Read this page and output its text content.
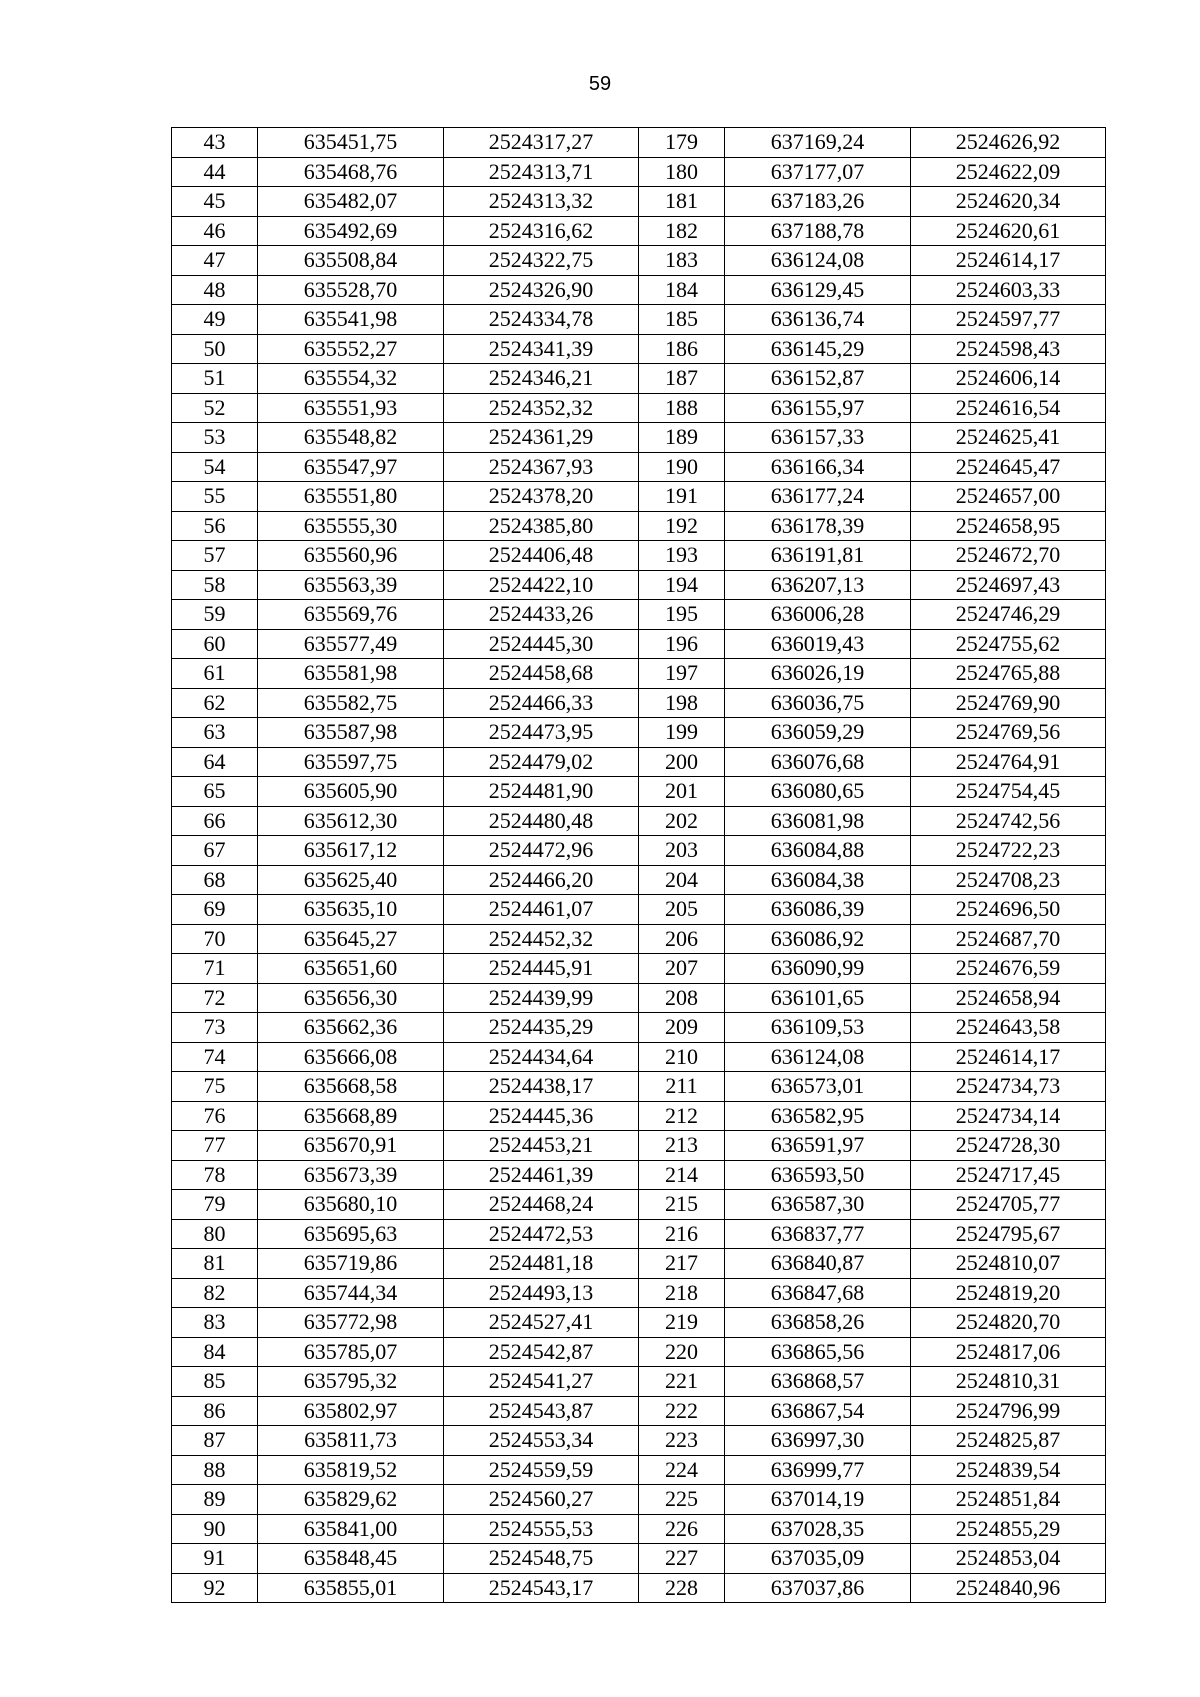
59
43	635451,75	2524317,27	179	637169,24	2524626,92
44	635468,76	2524313,71	180	637177,07	2524622,09
45	635482,07	2524313,32	181	637183,26	2524620,34
46	635492,69	2524316,62	182	637188,78	2524620,61
47	635508,84	2524322,75	183	636124,08	2524614,17
48	635528,70	2524326,90	184	636129,45	2524603,33
49	635541,98	2524334,78	185	636136,74	2524597,77
50	635552,27	2524341,39	186	636145,29	2524598,43
51	635554,32	2524346,21	187	636152,87	2524606,14
52	635551,93	2524352,32	188	636155,97	2524616,54
53	635548,82	2524361,29	189	636157,33	2524625,41
54	635547,97	2524367,93	190	636166,34	2524645,47
55	635551,80	2524378,20	191	636177,24	2524657,00
56	635555,30	2524385,80	192	636178,39	2524658,95
57	635560,96	2524406,48	193	636191,81	2524672,70
58	635563,39	2524422,10	194	636207,13	2524697,43
59	635569,76	2524433,26	195	636006,28	2524746,29
60	635577,49	2524445,30	196	636019,43	2524755,62
61	635581,98	2524458,68	197	636026,19	2524765,88
62	635582,75	2524466,33	198	636036,75	2524769,90
63	635587,98	2524473,95	199	636059,29	2524769,56
64	635597,75	2524479,02	200	636076,68	2524764,91
65	635605,90	2524481,90	201	636080,65	2524754,45
66	635612,30	2524480,48	202	636081,98	2524742,56
67	635617,12	2524472,96	203	636084,88	2524722,23
68	635625,40	2524466,20	204	636084,38	2524708,23
69	635635,10	2524461,07	205	636086,39	2524696,50
70	635645,27	2524452,32	206	636086,92	2524687,70
71	635651,60	2524445,91	207	636090,99	2524676,59
72	635656,30	2524439,99	208	636101,65	2524658,94
73	635662,36	2524435,29	209	636109,53	2524643,58
74	635666,08	2524434,64	210	636124,08	2524614,17
75	635668,58	2524438,17	211	636573,01	2524734,73
76	635668,89	2524445,36	212	636582,95	2524734,14
77	635670,91	2524453,21	213	636591,97	2524728,30
78	635673,39	2524461,39	214	636593,50	2524717,45
79	635680,10	2524468,24	215	636587,30	2524705,77
80	635695,63	2524472,53	216	636837,77	2524795,67
81	635719,86	2524481,18	217	636840,87	2524810,07
82	635744,34	2524493,13	218	636847,68	2524819,20
83	635772,98	2524527,41	219	636858,26	2524820,70
84	635785,07	2524542,87	220	636865,56	2524817,06
85	635795,32	2524541,27	221	636868,57	2524810,31
86	635802,97	2524543,87	222	636867,54	2524796,99
87	635811,73	2524553,34	223	636997,30	2524825,87
88	635819,52	2524559,59	224	636999,77	2524839,54
89	635829,62	2524560,27	225	637014,19	2524851,84
90	635841,00	2524555,53	226	637028,35	2524855,29
91	635848,45	2524548,75	227	637035,09	2524853,04
92	635855,01	2524543,17	228	637037,86	2524840,96
